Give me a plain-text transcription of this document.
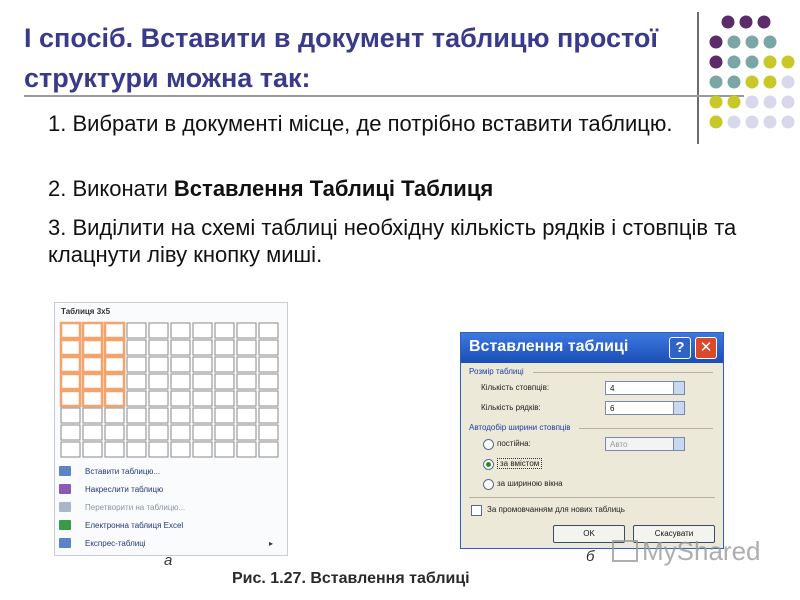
І спосіб. Вставити в документ таблицю простої структури можна так:
1. Вибрати в документі місце, де потрібно вставити таблицю.
2. Виконати Вставлення Таблиці Таблиця
3. Виділити на схемі таблиці необхідну кількість рядків і стовпців та клацнути ліву кнопку миші.
Таблиця 3x5
Вставити таблицю...
Накреслити таблицю
Перетворити на таблицю...
Електронна таблиця Excel
Експрес-таблиці	▸
а
Вставлення таблиці	?	✕
Розмір таблиці
Кількість стовпців:	4
Кількість рядків:	6
Автодобір ширини стовпців
постійна:	Авто
за вмістом
за шириною вікна
За промовчанням для нових таблиць
OK	Скасувати
б
Рис. 1.27. Вставлення таблиці
MyShared
